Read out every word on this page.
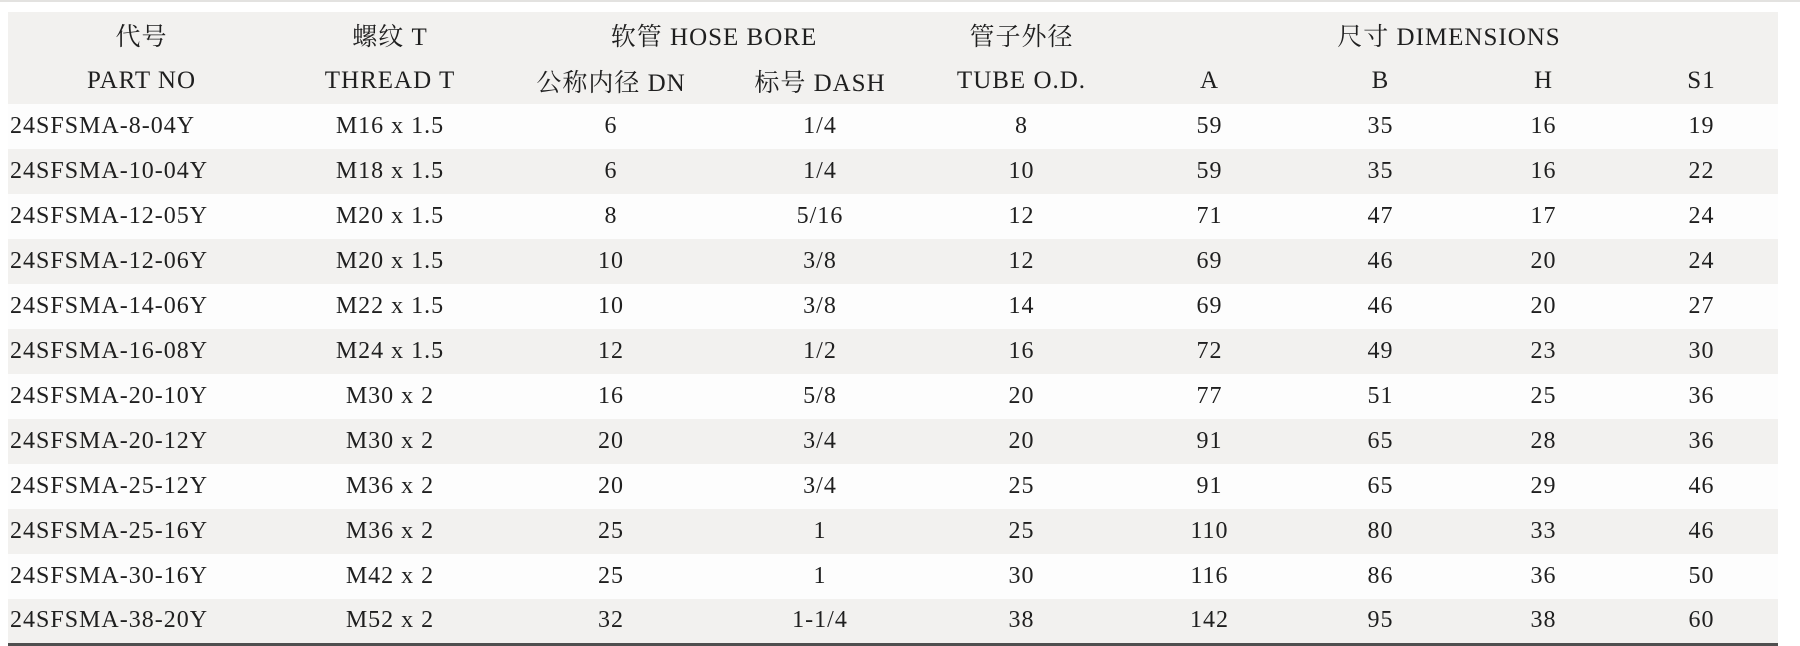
代号	螺纹 T	软管 HOSE BORE		管子外径	尺寸 DIMENSIONS			
PART NO	THREAD T	公称内径 DN	标号 DASH	TUBE O.D.	A	B	H	S1
24SFSMA-8-04Y	M16 x 1.5	6	1/4	8	59	35	16	19
24SFSMA-10-04Y	M18 x 1.5	6	1/4	10	59	35	16	22
24SFSMA-12-05Y	M20 x 1.5	8	5/16	12	71	47	17	24
24SFSMA-12-06Y	M20 x 1.5	10	3/8	12	69	46	20	24
24SFSMA-14-06Y	M22 x 1.5	10	3/8	14	69	46	20	27
24SFSMA-16-08Y	M24 x 1.5	12	1/2	16	72	49	23	30
24SFSMA-20-10Y	M30 x 2	16	5/8	20	77	51	25	36
24SFSMA-20-12Y	M30 x 2	20	3/4	20	91	65	28	36
24SFSMA-25-12Y	M36 x 2	20	3/4	25	91	65	29	46
24SFSMA-25-16Y	M36 x 2	25	1	25	110	80	33	46
24SFSMA-30-16Y	M42 x 2	25	1	30	116	86	36	50
24SFSMA-38-20Y	M52 x 2	32	1-1/4	38	142	95	38	60
